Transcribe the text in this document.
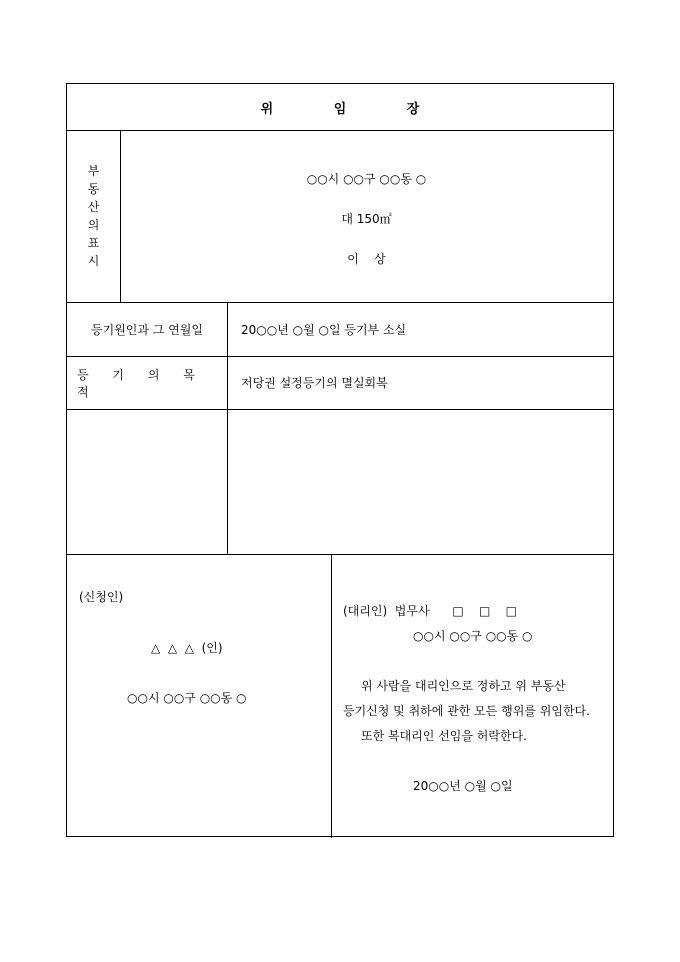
위 임 장
부
동
산
의
표
시
○○시 ○○구 ○○동 ○
대 150㎡
이    상
등기원인과 그 연월일	20○○년 ○월 ○일 등기부 소실
등 기 의 목 적
저당권 설정등기의 멸실회복
(신청인)
△  △  △  (인)
○○시 ○○구 ○○동 ○
(대리인)  법무사      □    □    □
○○시 ○○구 ○○동 ○
위 사람을 대리인으로 정하고 위 부동산
등기신청 및 취하에 관한 모든 행위를 위임한다.
또한 복대리인 선임을 허락한다.
20○○년 ○월 ○일
